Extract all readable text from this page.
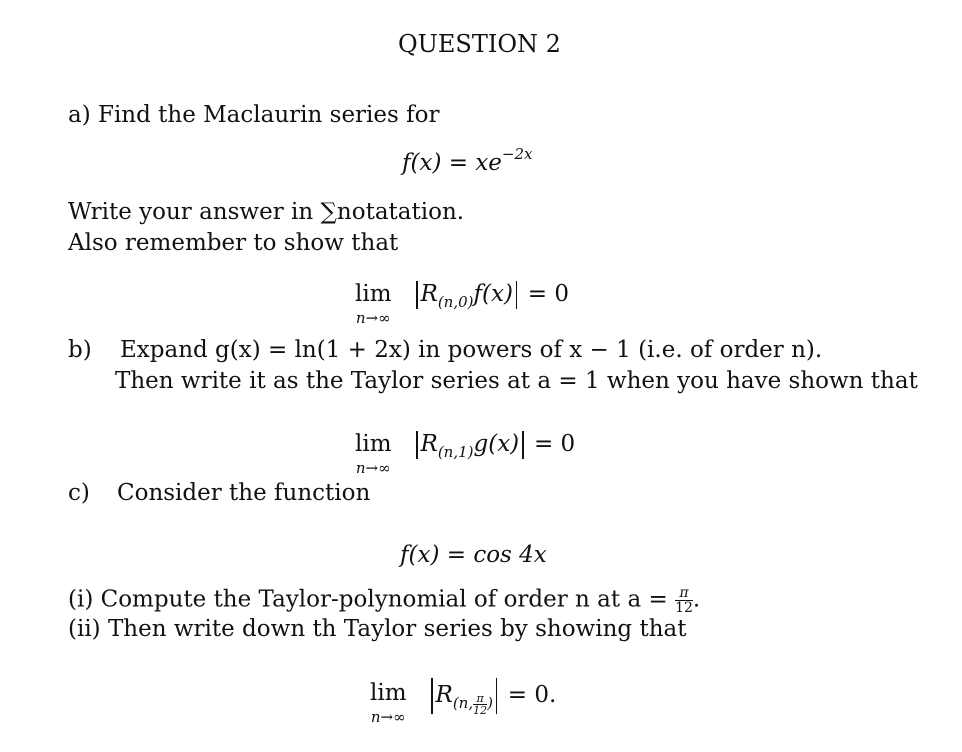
QUESTION 2
a) Find the Maclaurin series for
$f(x) = xe^{-2x}$
Write your answer in ∑notatation.
Also remember to show that
lim
n→∞
$R_{(n,0)}f(x) = 0$
b) Expand g(x) = ln(1 + 2x) in powers of x − 1 (i.e. of order n).
Then write it as the Taylor series at a = 1 when you have shown that
lim
n→∞
$R_{(n,1)}g(x) = 0$
c) Consider the function
f(x) = cos 4x
(i) Compute the Taylor-polynomial of order n at $a = \frac{\pi}{12}$ .
(ii) Then write down th Taylor series by showing that
lim
n→∞
$R_{(n, \frac{\pi}{12} )} = 0$.
